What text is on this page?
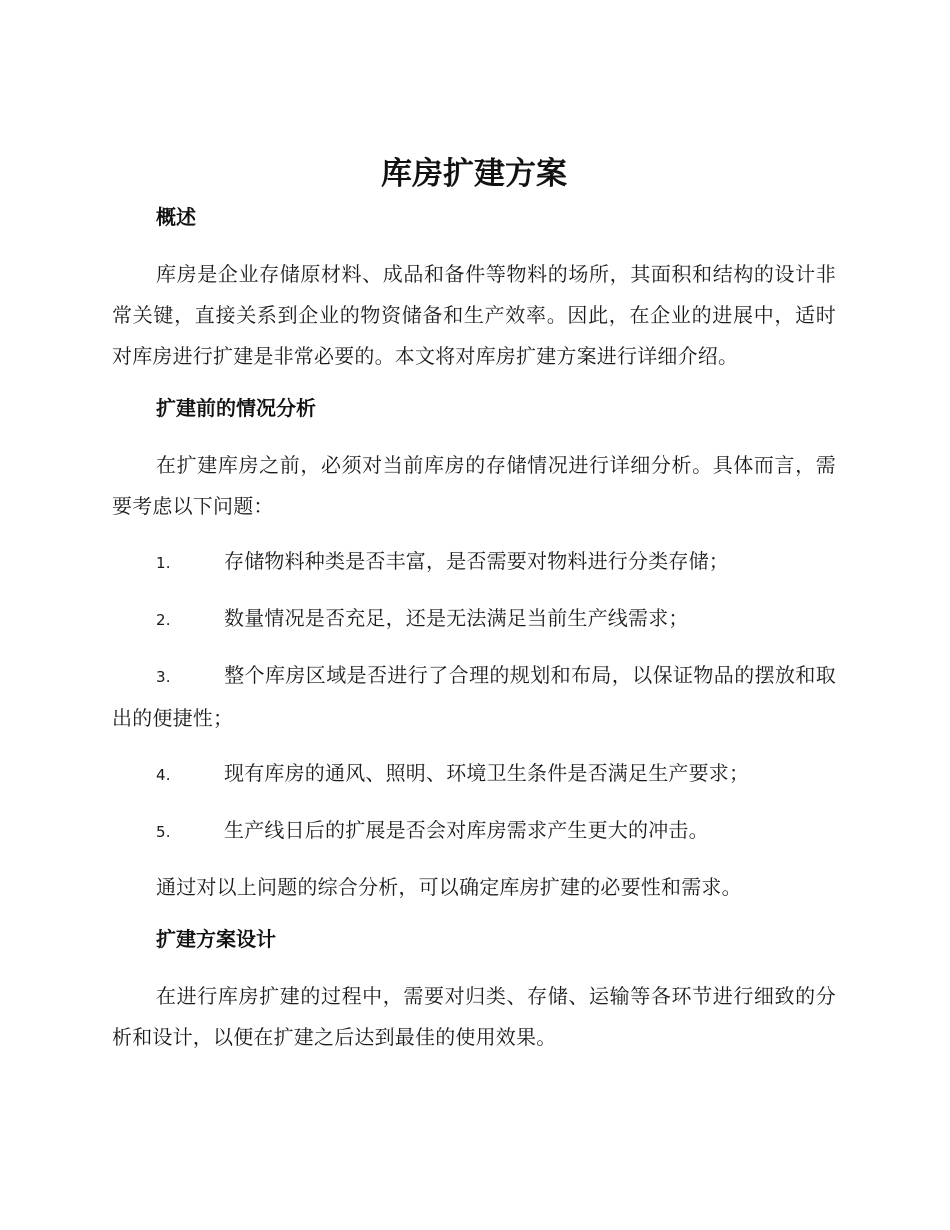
库房扩建方案
概述

库房是企业存储原材料、成品和备件等物料的场所，其面积和结构的设计非常关键，直接关系到企业的物资储备和生产效率。因此，在企业的进展中，适时对库房进行扩建是非常必要的。本文将对库房扩建方案进行详细介绍。

扩建前的情况分析

在扩建库房之前，必须对当前库房的存储情况进行详细分析。具体而言，需要考虑以下问题：

1.	存储物料种类是否丰富，是否需要对物料进行分类存储；
2.	数量情况是否充足，还是无法满足当前生产线需求；
3.	整个库房区域是否进行了合理的规划和布局，以保证物品的摆放和取出的便捷性；
4.	现有库房的通风、照明、环境卫生条件是否满足生产要求；
5.	生产线日后的扩展是否会对库房需求产生更大的冲击。

通过对以上问题的综合分析，可以确定库房扩建的必要性和需求。

扩建方案设计

在进行库房扩建的过程中，需要对归类、存储、运输等各环节进行细致的分析和设计，以便在扩建之后达到最佳的使用效果。
